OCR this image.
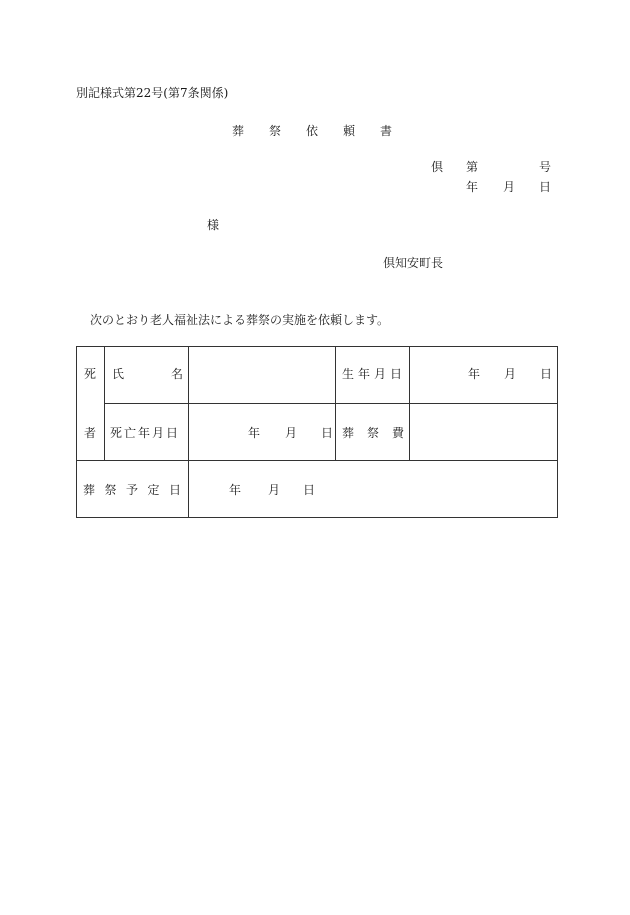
別記様式第22号(第7条関係)
葬 祭 依 頼 書
倶 第	号
年 月 日
様
倶知安町長
次のとおり老人福祉法による葬祭の実施を依頼します。
死	氏 名		生年月日	年 月 日

者	死亡年月日	年 月 日	葬 祭 費	

葬 祭 予 定 日		年 月 日		
